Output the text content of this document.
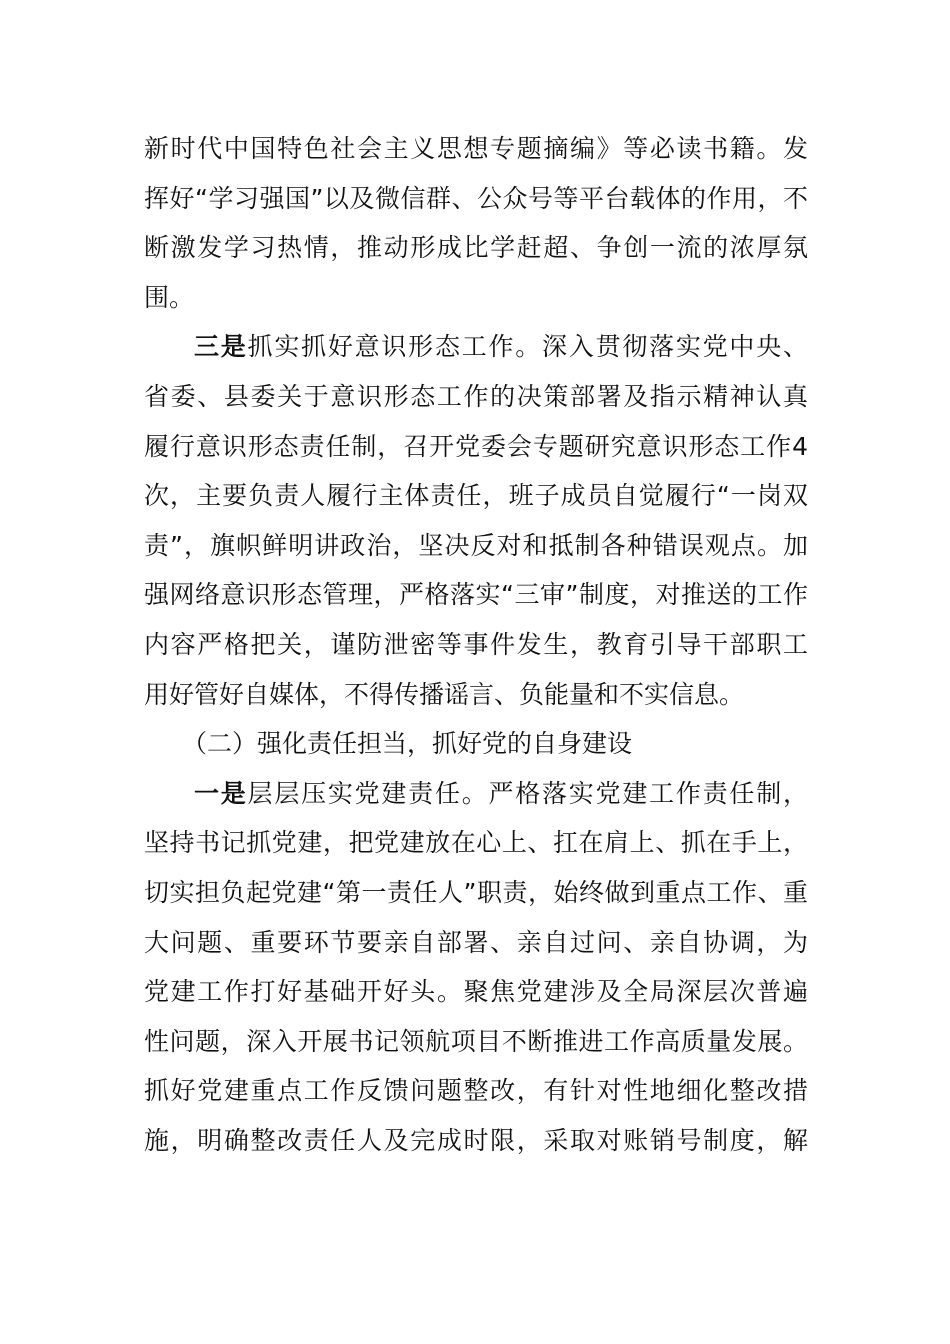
新时代中国特色社会主义思想专题摘编》等必读书籍。发
挥好“学习强国”以及微信群、公众号等平台载体的作用，不
断激发学习热情，推动形成比学赶超、争创一流的浓厚氛
围。
三是抓实抓好意识形态工作。深入贯彻落实党中央、
省委、县委关于意识形态工作的决策部署及指示精神认真
履行意识形态责任制，召开党委会专题研究意识形态工作4
次，主要负责人履行主体责任，班子成员自觉履行“一岗双
责”，旗帜鲜明讲政治，坚决反对和抵制各种错误观点。加
强网络意识形态管理，严格落实“三审”制度，对推送的工作
内容严格把关，谨防泄密等事件发生，教育引导干部职工
用好管好自媒体，不得传播谣言、负能量和不实信息。
（二）强化责任担当，抓好党的自身建设
一是层层压实党建责任。严格落实党建工作责任制，
坚持书记抓党建，把党建放在心上、扛在肩上、抓在手上，
切实担负起党建“第一责任人”职责，始终做到重点工作、重
大问题、重要环节要亲自部署、亲自过问、亲自协调，为
党建工作打好基础开好头。聚焦党建涉及全局深层次普遍
性问题，深入开展书记领航项目不断推进工作高质量发展。
抓好党建重点工作反馈问题整改，有针对性地细化整改措
施，明确整改责任人及完成时限，采取对账销号制度，解
